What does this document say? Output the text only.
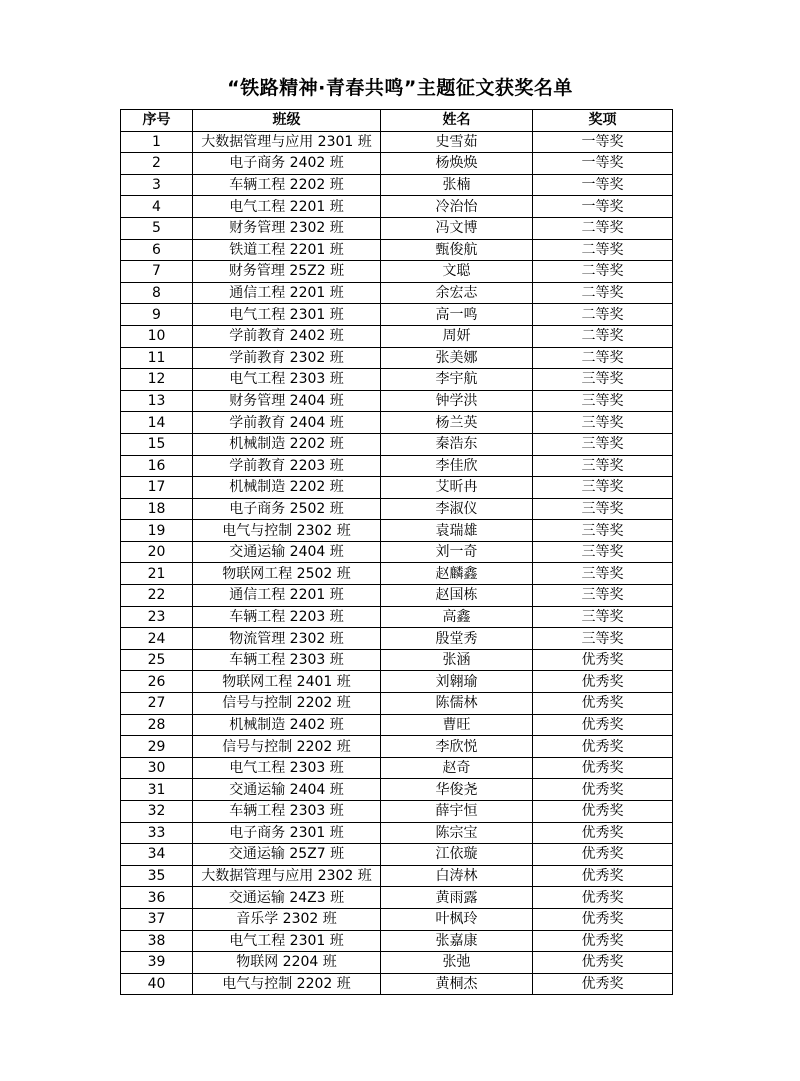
“铁路精神·青春共鸣”主题征文获奖名单
序号	班级	姓名	奖项
1	大数据管理与应用 2301 班	史雪茹	一等奖
2	电子商务 2402 班	杨焕焕	一等奖
3	车辆工程 2202 班	张楠	一等奖
4	电气工程 2201 班	冷治怡	一等奖
5	财务管理 2302 班	冯文博	二等奖
6	铁道工程 2201 班	甄俊航	二等奖
7	财务管理 25Z2 班	文聪	二等奖
8	通信工程 2201 班	余宏志	二等奖
9	电气工程 2301 班	高一鸣	二等奖
10	学前教育 2402 班	周妍	二等奖
11	学前教育 2302 班	张美娜	二等奖
12	电气工程 2303 班	李宇航	三等奖
13	财务管理 2404 班	钟学洪	三等奖
14	学前教育 2404 班	杨兰英	三等奖
15	机械制造 2202 班	秦浩东	三等奖
16	学前教育 2203 班	李佳欣	三等奖
17	机械制造 2202 班	艾昕冉	三等奖
18	电子商务 2502 班	李淑仪	三等奖
19	电气与控制 2302 班	袁瑞雄	三等奖
20	交通运输 2404 班	刘一奇	三等奖
21	物联网工程 2502 班	赵麟鑫	三等奖
22	通信工程 2201 班	赵国栋	三等奖
23	车辆工程 2203 班	高鑫	三等奖
24	物流管理 2302 班	殷堂秀	三等奖
25	车辆工程 2303 班	张涵	优秀奖
26	物联网工程 2401 班	刘翱瑜	优秀奖
27	信号与控制 2202 班	陈儒林	优秀奖
28	机械制造 2402 班	曹旺	优秀奖
29	信号与控制 2202 班	李欣悦	优秀奖
30	电气工程 2303 班	赵奇	优秀奖
31	交通运输 2404 班	华俊尧	优秀奖
32	车辆工程 2303 班	薛宇恒	优秀奖
33	电子商务 2301 班	陈宗宝	优秀奖
34	交通运输 25Z7 班	江依璇	优秀奖
35	大数据管理与应用 2302 班	白涛林	优秀奖
36	交通运输 24Z3 班	黄雨露	优秀奖
37	音乐学 2302 班	叶枫玲	优秀奖
38	电气工程 2301 班	张嘉康	优秀奖
39	物联网 2204 班	张弛	优秀奖
40	电气与控制 2202 班	黄桐杰	优秀奖
